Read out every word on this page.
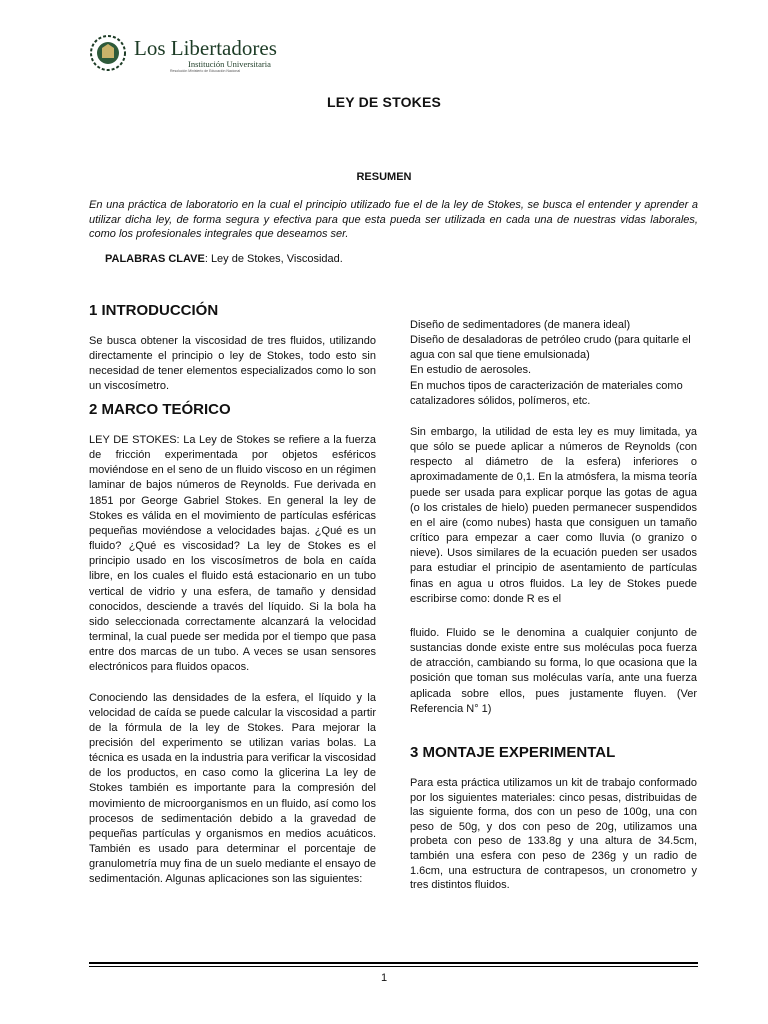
Los Libertadores
Institución Universitaria
Resolución Ministerio de Educación Nacional
LEY DE STOKES
RESUMEN
En una práctica de laboratorio en la cual el principio utilizado fue el de la ley de Stokes, se busca el entender y aprender a utilizar dicha ley, de forma segura y efectiva para que esta pueda ser utilizada en cada una de nuestras vidas laborales, como los profesionales integrales que deseamos ser.
PALABRAS CLAVE: Ley de Stokes, Viscosidad.
1 INTRODUCCIÓN

Se busca obtener la viscosidad de tres fluidos, utilizando directamente el principio o ley de Stokes, todo esto sin necesidad de tener elementos especializados como lo son un viscosímetro.

2 MARCO TEÓRICO

LEY DE STOKES: La Ley de Stokes se refiere a la fuerza de fricción experimentada por objetos esféricos moviéndose en el seno de un fluido viscoso en un régimen laminar de bajos números de Reynolds. Fue derivada en 1851 por George Gabriel Stokes. En general la ley de Stokes es válida en el movimiento de partículas esféricas pequeñas moviéndose a velocidades bajas. ¿Qué es un fluido? ¿Qué es viscosidad? La ley de Stokes es el principio usado en los viscosímetros de bola en caída libre, en los cuales el fluido está estacionario en un tubo vertical de vidrio y una esfera, de tamaño y densidad conocidos, desciende a través del líquido. Si la bola ha sido seleccionada correctamente alcanzará la velocidad terminal, la cual puede ser medida por el tiempo que pasa entre dos marcas de un tubo. A veces se usan sensores electrónicos para fluidos opacos.

Conociendo las densidades de la esfera, el líquido y la velocidad de caída se puede calcular la viscosidad a partir de la fórmula de la ley de Stokes. Para mejorar la precisión del experimento se utilizan varias bolas. La técnica es usada en la industria para verificar la viscosidad de los productos, en caso como la glicerina La ley de Stokes también es importante para la compresión del movimiento de microorganismos en un fluido, así como los procesos de sedimentación debido a la gravedad de pequeñas partículas y organismos en medios acuáticos. También es usado para determinar el porcentaje de granulometría muy fina de un suelo mediante el ensayo de sedimentación. Algunas aplicaciones son las siguientes:

Diseño de sedimentadores (de manera ideal)

Diseño de desaladoras de petróleo crudo (para quitarle el agua con sal que tiene emulsionada)

En estudio de aerosoles.

En muchos tipos de caracterización de materiales como catalizadores sólidos, polímeros, etc.

Sin embargo, la utilidad de esta ley es muy limitada, ya que sólo se puede aplicar a números de Reynolds (con respecto al diámetro de la esfera) inferiores o aproximadamente de 0,1. En la atmósfera, la misma teoría puede ser usada para explicar porque las gotas de agua (o los cristales de hielo) pueden permanecer suspendidos en el aire (como nubes) hasta que consiguen un tamaño crítico para empezar a caer como lluvia (o granizo o nieve). Usos similares de la ecuación pueden ser usados para estudiar el principio de asentamiento de partículas finas en agua u otros fluidos. La ley de Stokes puede escribirse como: donde R es el

fluido. Fluido se le denomina a cualquier conjunto de sustancias donde existe entre sus moléculas poca fuerza de atracción, cambiando su forma, lo que ocasiona que la posición que toman sus moléculas varía, ante una fuerza aplicada sobre ellos, pues justamente fluyen. (Ver Referencia N° 1)

3 MONTAJE EXPERIMENTAL

Para esta práctica utilizamos un kit de trabajo conformado por los siguientes materiales: cinco pesas, distribuidas de las siguiente forma, dos con un peso de 100g, una con peso de 50g, y dos con peso de 20g, utilizamos una probeta con peso de 133.8g y una altura de 34.5cm, también una esfera con peso de 236g y un radio de 1.6cm, una estructura de contrapesos, un cronometro y tres distintos fluidos.

1
